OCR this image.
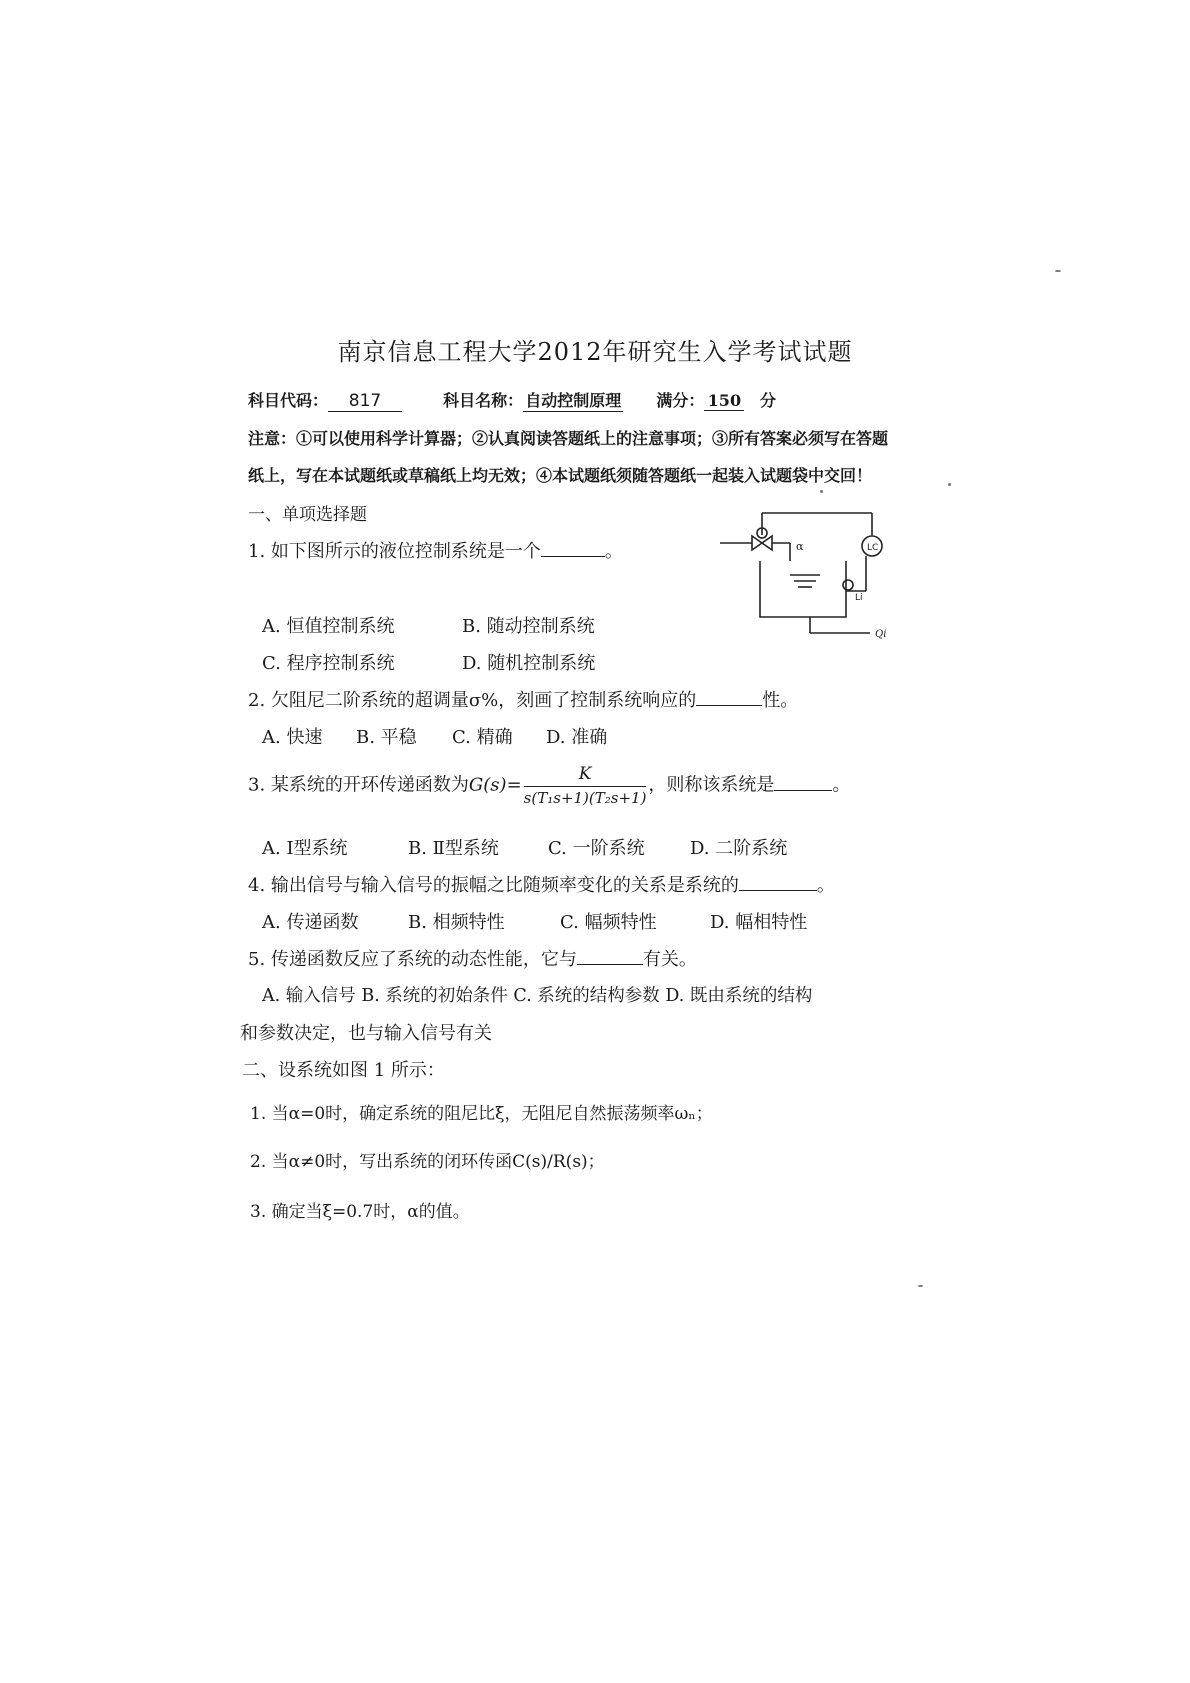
南京信息工程大学2012年研究生入学考试试题
科目代码： 817	科目名称： 自动控制原理 满分： 150 分
注意：①可以使用科学计算器；②认真阅读答题纸上的注意事项；③所有答案必须写在答题
纸上，写在本试题纸或草稿纸上均无效；④本试题纸须随答题纸一起装入试题袋中交回！
一、单项选择题
1. 如下图所示的液位控制系统是一个	。	LC
α
Li
Qi
A. 恒值控制系统	B. 随动控制系统
C. 程序控制系统	D. 随机控制系统
2. 欠阻尼二阶系统的超调量σ%，刻画了控制系统响应的	性。
A. 快速 B. 平稳 C. 精确 D. 准确
3. 某系统的开环传递函数为$G(s)= \frac{K}{\text{s(T₁s+1)(T₂s+1)}}$ ，则称该系统是	。
A. Ⅰ型系统	B. Ⅱ型系统	C. 一阶系统	D. 二阶系统
4. 输出信号与输入信号的振幅之比随频率变化的关系是系统的	。
A. 传递函数	B. 相频特性	C. 幅频特性	D. 幅相特性
5. 传递函数反应了系统的动态性能，它与	有关。
A. 输入信号 B. 系统的初始条件 C. 系统的结构参数 D. 既由系统的结构
和参数决定，也与输入信号有关
二、设系统如图 1 所示：
1. 当α=0时，确定系统的阻尼比ξ，无阻尼自然振荡频率ωₙ；
2. 当α≠0时，写出系统的闭环传函C(s)/R(s)；
3. 确定当ξ=0.7时，α的值。
